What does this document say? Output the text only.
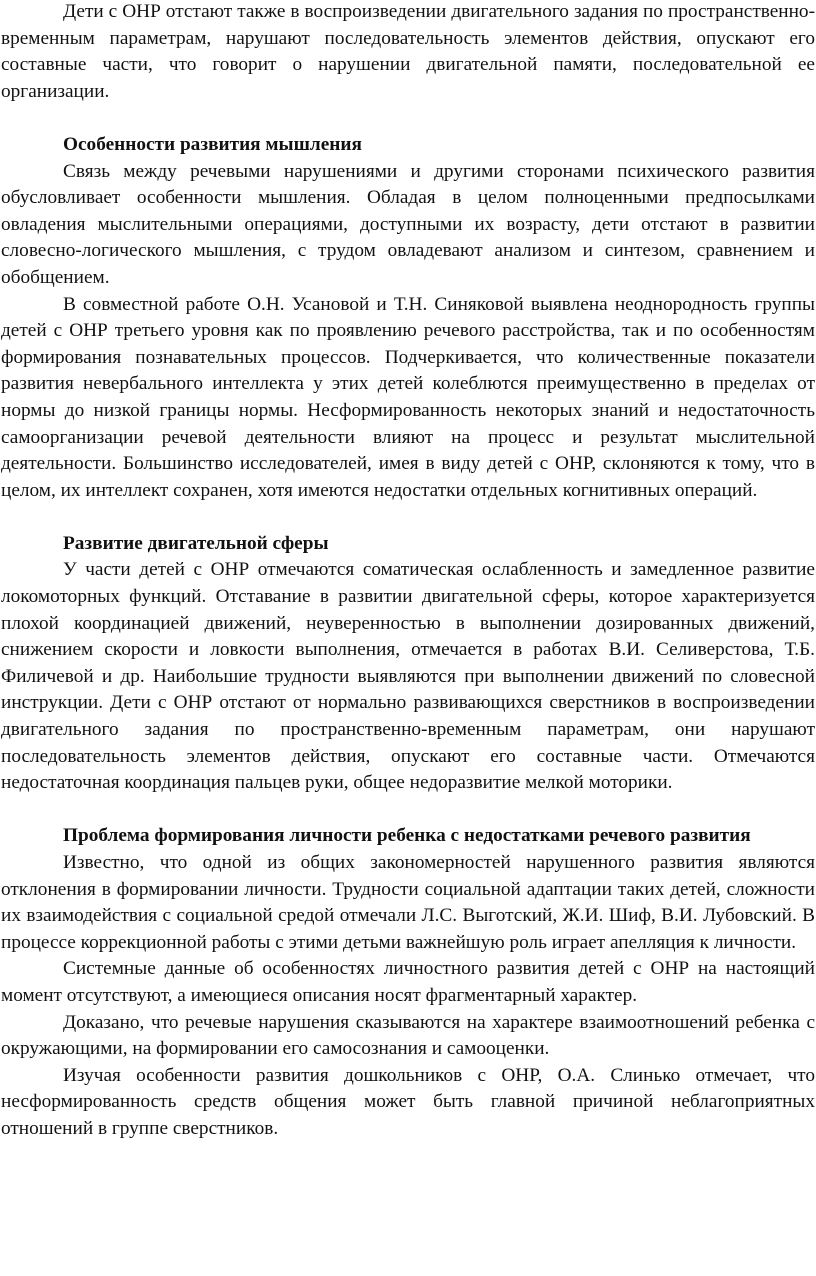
Дети с ОНР отстают также в воспроизведении двигательного задания по пространственно-временным параметрам, нарушают последовательность элементов действия, опускают его составные части, что говорит о нарушении двигательной памяти, последовательной ее организации.

Особенности развития мышления

Связь между речевыми нарушениями и другими сторонами психического развития обусловливает особенности мышления. Обладая в целом полноценными предпосылками овладения мыслительными операциями, доступными их возрасту, дети отстают в развитии словесно-логического мышления, с трудом овладевают анализом и синтезом, сравнением и обобщением.

В совместной работе О.Н. Усановой и Т.Н. Синяковой выявлена неоднородность группы детей с ОНР третьего уровня как по проявлению речевого расстройства, так и по особенностям формирования познавательных процессов. Подчеркивается, что количественные показатели развития невербального интеллекта у этих детей колеблются преимущественно в пределах от нормы до низкой границы нормы. Несформированность некоторых знаний и недостаточность самоорганизации речевой деятельности влияют на процесс и результат мыслительной деятельности. Большинство исследователей, имея в виду детей с ОНР, склоняются к тому, что в целом, их интеллект сохранен, хотя имеются недостатки отдельных когнитивных операций.

Развитие двигательной сферы

У части детей с ОНР отмечаются соматическая ослабленность и замедленное развитие локомоторных функций. Отставание в развитии двигательной сферы, которое характеризуется плохой координацией движений, неуверенностью в выполнении дозированных движений, снижением скорости и ловкости выполнения, отмечается в работах В.И. Селиверстова, Т.Б. Филичевой и др. Наибольшие трудности выявляются при выполнении движений по словесной инструкции. Дети с ОНР отстают от нормально развивающихся сверстников в воспроизведении двигательного задания по пространственно-временным параметрам, они нарушают последовательность элементов действия, опускают его составные части. Отмечаются недостаточная координация пальцев руки, общее недоразвитие мелкой моторики.

Проблема формирования личности ребенка с недостатками речевого развития

Известно, что одной из общих закономерностей нарушенного развития являются отклонения в формировании личности. Трудности социальной адаптации таких детей, сложности их взаимодействия с социальной средой отмечали Л.С. Выготский, Ж.И. Шиф, В.И. Лубовский. В процессе коррекционной работы с этими детьми важнейшую роль играет апелляция к личности.

Системные данные об особенностях личностного развития детей с ОНР на настоящий момент отсутствуют, а имеющиеся описания носят фрагментарный характер.

Доказано, что речевые нарушения сказываются на характере взаимоотношений ребенка с окружающими, на формировании его самосознания и самооценки.

Изучая особенности развития дошкольников с ОНР, О.А. Слинько отмечает, что несформированность средств общения может быть главной причиной неблагоприятных отношений в группе сверстников.
